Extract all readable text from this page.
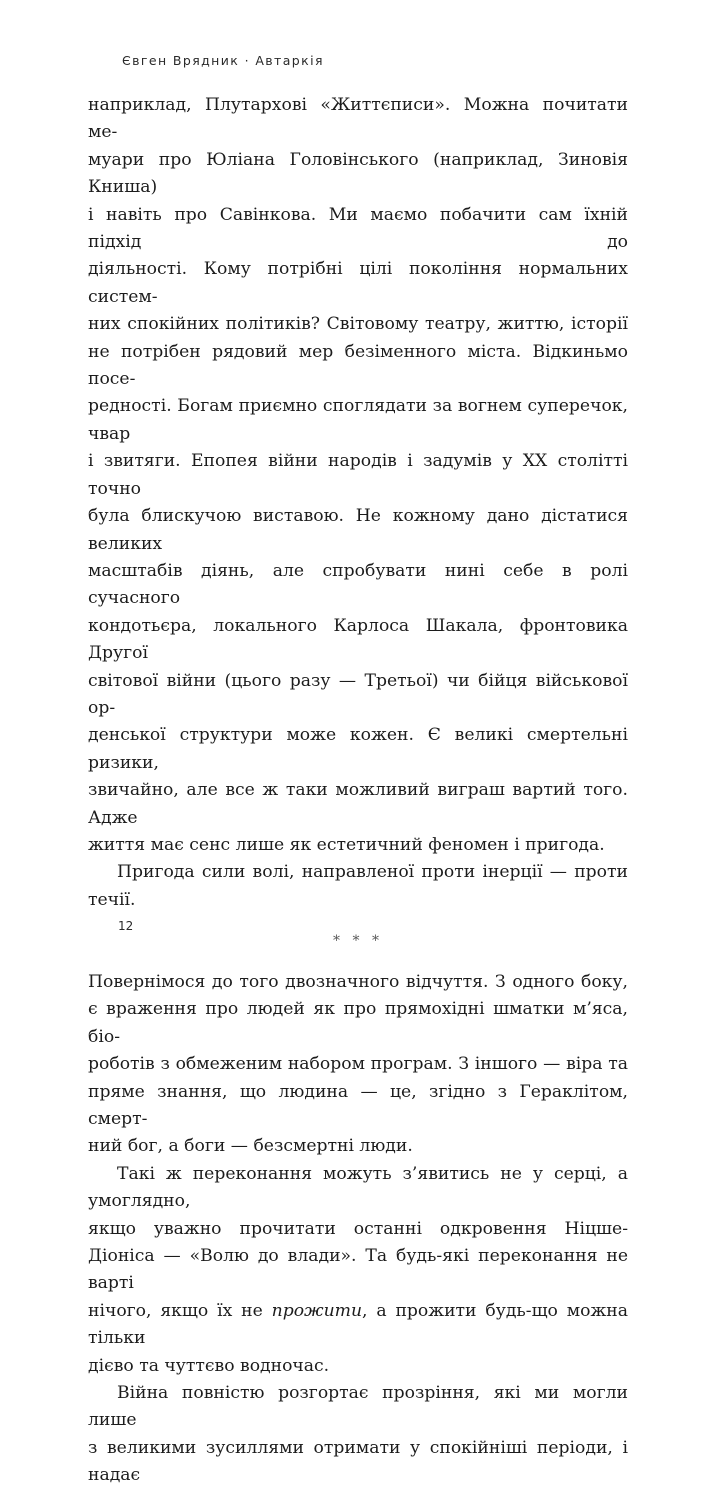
Євген Врядник · Автаркія

наприклад, Плутархові «Життєписи». Можна почитати ме-
муари про Юліана Головінського (наприклад, Зиновія Книша)
і навіть про Савінкова. Ми маємо побачити сам їхній підхід до
діяльності. Кому потрібні цілі покоління нормальних систем-
них спокійних політиків? Світовому театру, життю, історії
не потрібен рядовий мер безіменного міста. Відкиньмо посе-
редності. Богам приємно споглядати за вогнем суперечок, чвар
і звитяги. Епопея війни народів і задумів у XX столітті точно
була блискучою виставою. Не кожному дано дістатися великих
масштабів діянь, але спробувати нині себе в ролі сучасного
кондотьєра, локального Карлоса Шакала, фронтовика Другої
світової війни (цього разу — Третьої) чи бійця військової ор-
денської структури може кожен. Є великі смертельні ризики,
звичайно, але все ж таки можливий виграш вартий того. Адже
життя має сенс лише як естетичний феномен і пригода.

Пригода сили волі, направленої проти інерції — проти
течії.

* * *

Повернімося до того двозначного відчуття. З одного боку,
є враження про людей як про прямохідні шматки м’яса, біо-
роботів з обмеженим набором програм. З іншого — віра та
пряме знання, що людина — це, згідно з Гераклітом, смерт-
ний бог, а боги — безсмертні люди.

Такі ж переконання можуть з’явитись не у серці, а умоглядно,
якщо уважно прочитати останні одкровення Ніцше-
Діоніса — «Волю до влади». Та будь-які переконання не варті
нічого, якщо їх не прожити, а прожити будь-що можна тільки
дієво та чуттєво водночас.

Війна повністю розгортає прозріння, які ми могли лише
з великими зусиллями отримати у спокійніші періоди, і надає

12
